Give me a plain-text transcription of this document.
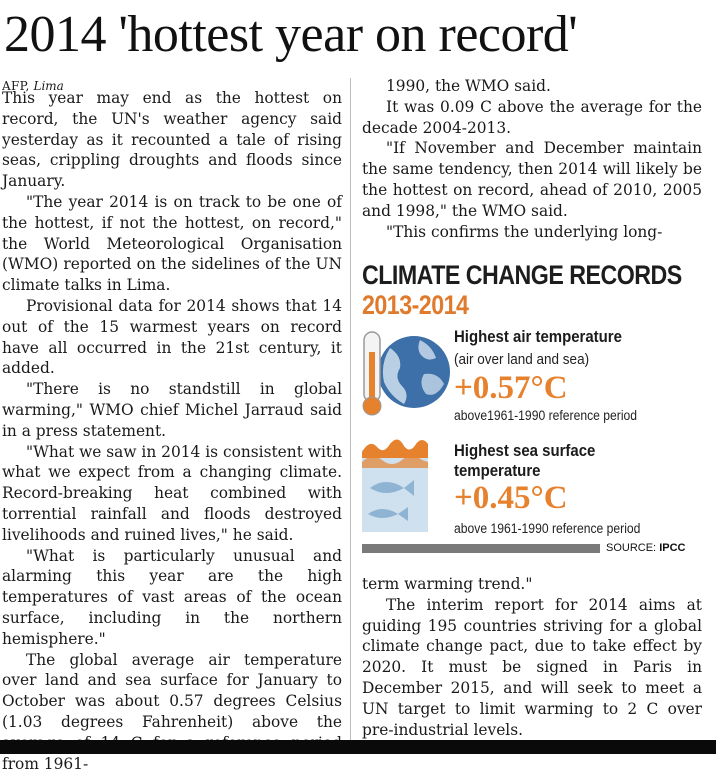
2014 'hottest year on record'
AFP, Lima

This year may end as the hottest on record, the UN's weather agency said yesterday as it recounted a tale of rising seas, crippling droughts and floods since January.

"The year 2014 is on track to be one of the hottest, if not the hottest, on record," the World Meteorological Organisation (WMO) reported on the sidelines of the UN climate talks in Lima.

Provisional data for 2014 shows that 14 out of the 15 warmest years on record have all occurred in the 21st century, it added.

"There is no standstill in global warming," WMO chief Michel Jarraud said in a press statement.

"What we saw in 2014 is consistent with what we expect from a changing climate. Record-breaking heat combined with torrential rainfall and floods destroyed livelihoods and ruined lives," he said.

"What is particularly unusual and alarming this year are the high temperatures of vast areas of the ocean surface, including in the northern hemisphere."

The global average air temperature over land and sea surface for January to October was about 0.57 degrees Celsius (1.03 degrees Fahrenheit) above the from 1961-

1990, the WMO said.

It was 0.09 C above the average for the decade 2004-2013.

"If November and December maintain the same tendency, then 2014 will likely be the hottest on record, ahead of 2010, 2005 and 1998," the WMO said.

"This confirms the underlying long-

CLIMATE CHANGE RECORDS
2013-2014
Highest air temperature
(air over land and sea)
+0.57°C
above1961-1990 reference period
Highest sea surface
temperature
+0.45°C
above 1961-1990 reference period
SOURCE: IPCC

term warming trend."

The interim report for 2014 aims at guiding 195 countries striving for a global climate change pact, due to take effect by 2020. It must be signed in Paris in December 2015, and will seek to meet a UN target to limit warming to 2 C over pre-industrial levels.
